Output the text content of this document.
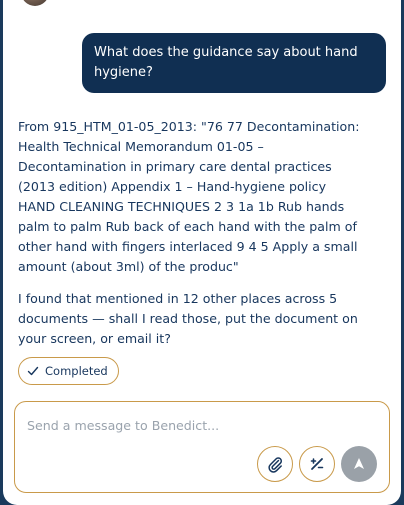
What does the guidance say about hand hygiene?

From 915_HTM_01-05_2013: "76 77 Decontamination:
Health Technical Memorandum 01-05 –
Decontamination in primary care dental practices
(2013 edition) Appendix 1 – Hand-hygiene policy
HAND CLEANING TECHNIQUES 2 3 1a 1b Rub hands
palm to palm Rub back of each hand with the palm of
other hand with fingers interlaced 9 4 5 Apply a small
amount (about 3ml) of the produc"

I found that mentioned in 12 other places across 5
documents — shall I read those, put the document on
your screen, or email it?

Completed
Send a message to Benedict...
